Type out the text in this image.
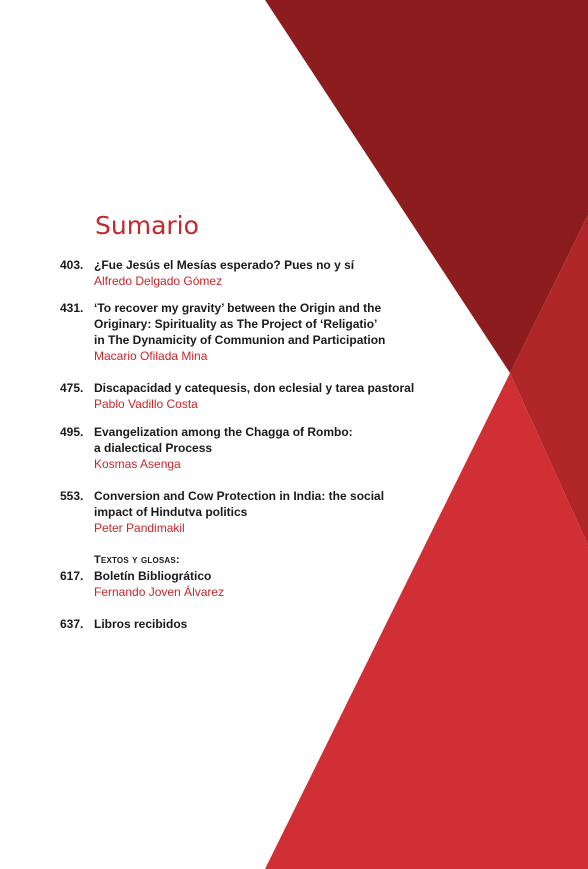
Sumario
403. ¿Fue Jesús el Mesías esperado? Pues no y sí
Alfredo Delgado Gómez
431. ‘To recover my gravity’ between the Origin and the
Originary: Spirituality as The Project of ‘Religatio’
in The Dynamicity of Communion and Participation
Macario Ofilada Mina
475. Discapacidad y catequesis, don eclesial y tarea pastoral
Pablo Vadillo Costa
495. Evangelization among the Chagga of Rombo:
a dialectical Process
Kosmas Asenga
553. Conversion and Cow Protection in India: the social
impact of Hindutva politics
Peter Pandimakil
Textos y glosas:
617. Boletín Bibliogrático
Fernando Joven Álvarez
637. Libros recibidos
